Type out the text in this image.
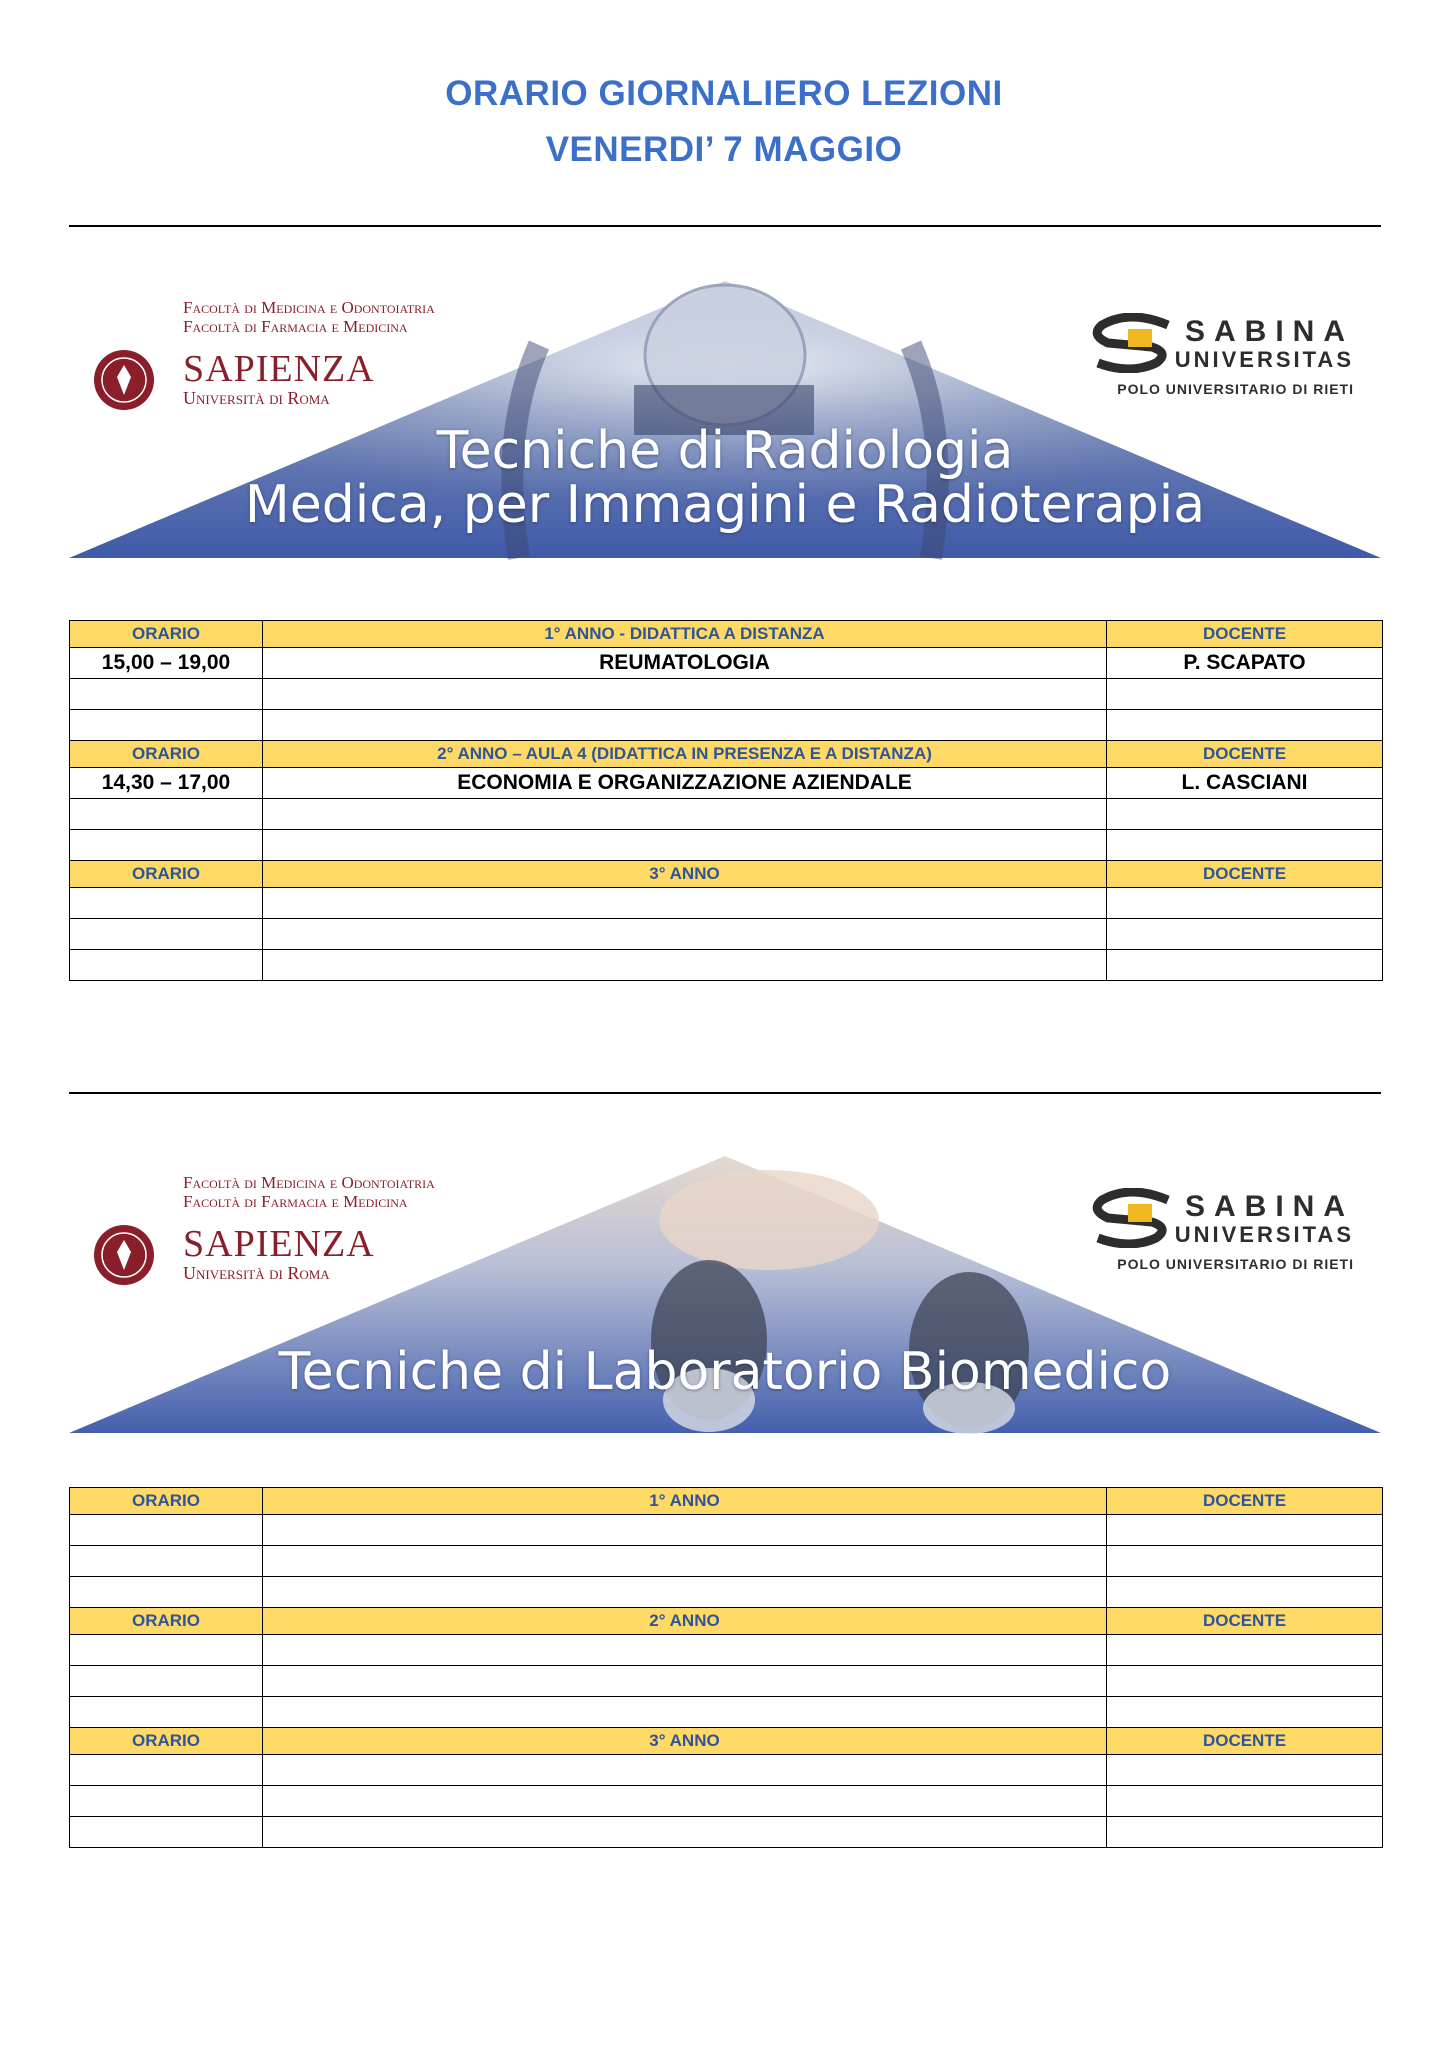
ORARIO GIORNALIERO LEZIONI
VENERDI’ 7 MAGGIO
Facoltà di Medicina e Odontoiatria
Facoltà di Farmacia e Medicina
SAPIENZA
Università di Roma
SABINA
UNIVERSITAS
POLO UNIVERSITARIO DI RIETI
Tecniche di Radiologia
Medica, per Immagini e Radioterapia
ORARIO	1° ANNO - DIDATTICA A DISTANZA	DOCENTE
15,00 – 19,00	REUMATOLOGIA	P. SCAPATO

ORARIO	2° ANNO – AULA 4 (DIDATTICA IN PRESENZA E A DISTANZA)	DOCENTE
14,30 – 17,00	ECONOMIA E ORGANIZZAZIONE AZIENDALE	L. CASCIANI

ORARIO	3° ANNO	DOCENTE

Facoltà di Medicina e Odontoiatria
Facoltà di Farmacia e Medicina
SAPIENZA
Università di Roma
SABINA
UNIVERSITAS
POLO UNIVERSITARIO DI RIETI
Tecniche di Laboratorio Biomedico
ORARIO	1° ANNO	DOCENTE

ORARIO	2° ANNO	DOCENTE

ORARIO	3° ANNO	DOCENTE
